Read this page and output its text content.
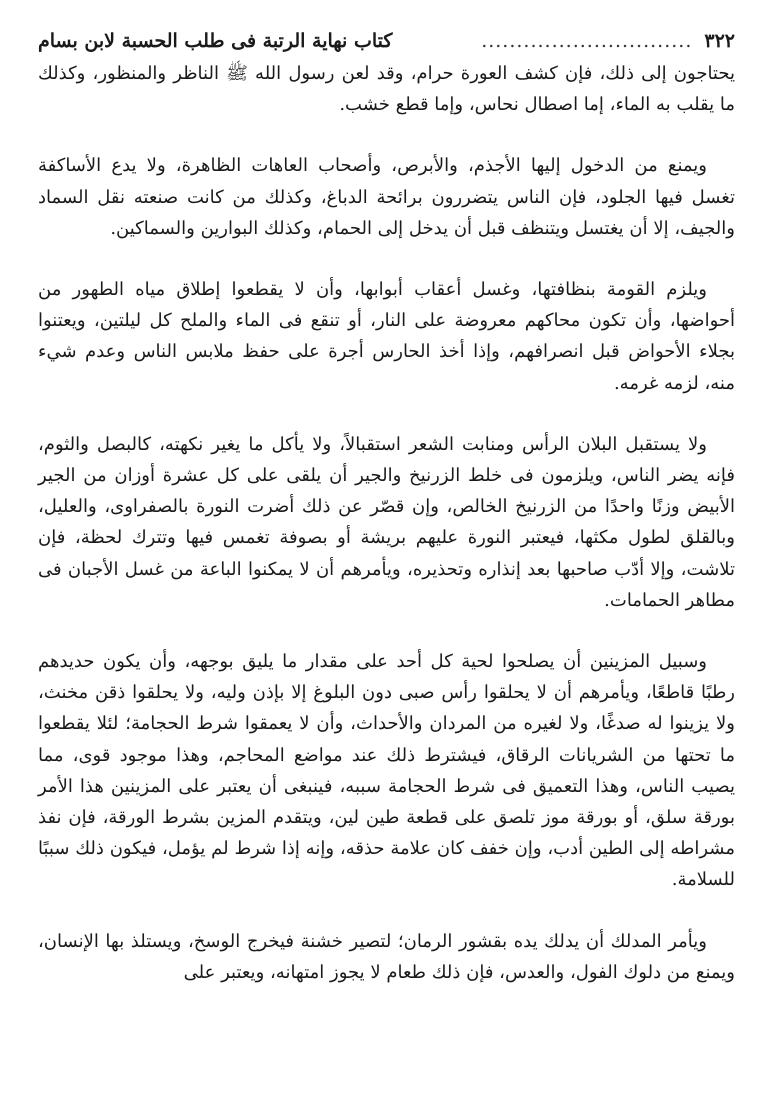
٣٢٢
..............................
كتاب نهاية الرتبة فى طلب الحسبة لابن بسام

يحتاجون إلى ذلك، فإن كشف العورة حرام، وقد لعن رسول الله ﷺ الناظر والمنظور، وكذلك ما يقلب به الماء، إما اصطال نحاس، وإما قطع خشب.

ويمنع من الدخول إليها الأجذم، والأبرص، وأصحاب العاهات الظاهرة، ولا يدع الأساكفة تغسل فيها الجلود، فإن الناس يتضررون برائحة الدباغ، وكذلك من كانت صنعته نقل السماد والجيف، إلا أن يغتسل ويتنظف قبل أن يدخل إلى الحمام، وكذلك البوارين والسماكين.

ويلزم القومة بنظافتها، وغسل أعقاب أبوابها، وأن لا يقطعوا إطلاق مياه الطهور من أحواضها، وأن تكون محاكهم معروضة على النار، أو تنقع فى الماء والملح كل ليلتين، ويعتنوا بجلاء الأحواض قبل انصرافهم، وإذا أخذ الحارس أجرة على حفظ ملابس الناس وعدم شيء منه، لزمه غرمه.

ولا يستقبل البلان الرأس ومنابت الشعر استقبالاً، ولا يأكل ما يغير نكهته، كالبصل والثوم، فإنه يضر الناس، ويلزمون فى خلط الزرنيخ والجير أن يلقى على كل عشرة أوزان من الجير الأبيض وزنًا واحدًا من الزرنيخ الخالص، وإن قصّر عن ذلك أضرت النورة بالصفراوى، والعليل، وبالقلق لطول مكثها، فيعتبر النورة عليهم بريشة أو بصوفة تغمس فيها وتترك لحظة، فإن تلاشت، وإلا أدّب صاحبها بعد إنذاره وتحذيره، ويأمرهم أن لا يمكنوا الباعة من غسل الأجبان فى مطاهر الحمامات.

وسبيل المزينين أن يصلحوا لحية كل أحد على مقدار ما يليق بوجهه، وأن يكون حديدهم رطبًا قاطعًا، ويأمرهم أن لا يحلقوا رأس صبى دون البلوغ إلا بإذن وليه، ولا يحلقوا ذقن مخنث، ولا يزينوا له صدغًا، ولا لغيره من المردان والأحداث، وأن لا يعمقوا شرط الحجامة؛ لئلا يقطعوا ما تحتها من الشريانات الرقاق، فيشترط ذلك عند مواضع المحاجم، وهذا موجود قوى، مما يصيب الناس، وهذا التعميق فى شرط الحجامة سببه، فينبغى أن يعتبر على المزينين هذا الأمر بورقة سلق، أو بورقة موز تلصق على قطعة طين لين، ويتقدم المزين بشرط الورقة، فإن نفذ مشراطه إلى الطين أدب، وإن خفف كان علامة حذقه، وإنه إذا شرط لم يؤمل، فيكون ذلك سببًا للسلامة.

ويأمر المدلك أن يدلك يده بقشور الرمان؛ لتصير خشنة فيخرج الوسخ، ويستلذ بها الإنسان، ويمنع من دلوك الفول، والعدس، فإن ذلك طعام لا يجوز امتهانه، ويعتبر على
